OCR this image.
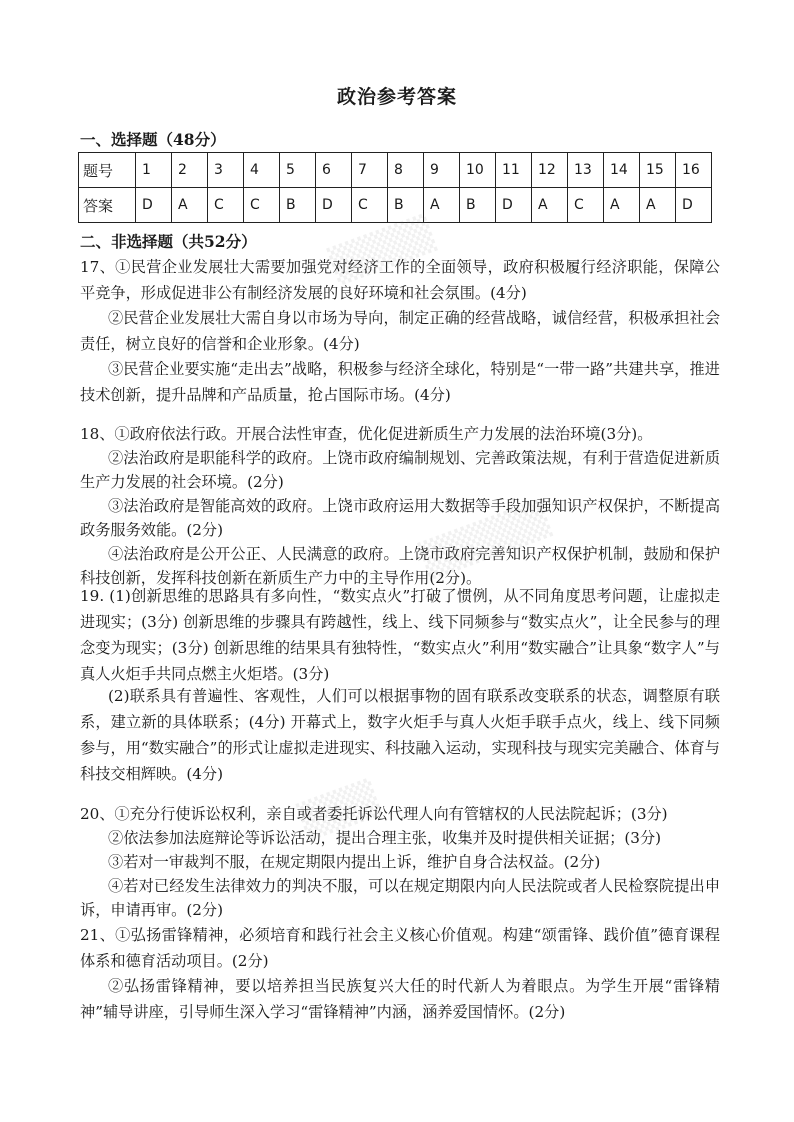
政治参考答案
一、选择题（48分）
题号	1	2	3	4	5	6	7	8	9	10	11	12	13	14	15	16
答案	D	A	C	C	B	D	C	B	A	B	D	A	C	A	A	D
二、非选择题（共52分）
17、①民营企业发展壮大需要加强党对经济工作的全面领导，政府积极履行经济职能，保障公平竞争，形成促进非公有制经济发展的良好环境和社会氛围。(4分)
②民营企业发展壮大需自身以市场为导向，制定正确的经营战略，诚信经营，积极承担社会责任，树立良好的信誉和企业形象。(4分)
③民营企业要实施“走出去”战略，积极参与经济全球化，特别是“一带一路”共建共享，推进技术创新，提升品牌和产品质量，抢占国际市场。(4分)
18、①政府依法行政。开展合法性审查，优化促进新质生产力发展的法治环境(3分)。
②法治政府是职能科学的政府。上饶市政府编制规划、完善政策法规，有利于营造促进新质生产力发展的社会环境。(2分)
③法治政府是智能高效的政府。上饶市政府运用大数据等手段加强知识产权保护，不断提高政务服务效能。(2分)
④法治政府是公开公正、人民满意的政府。上饶市政府完善知识产权保护机制，鼓励和保护科技创新，发挥科技创新在新质生产力中的主导作用(2分)。
19. (1)创新思维的思路具有多向性，“数实点火”打破了惯例，从不同角度思考问题，让虚拟走进现实；(3分) 创新思维的步骤具有跨越性，线上、线下同频参与“数实点火”，让全民参与的理念变为现实；(3分) 创新思维的结果具有独特性，“数实点火”利用“数实融合”让具象“数字人”与真人火炬手共同点燃主火炬塔。(3分)
(2)联系具有普遍性、客观性，人们可以根据事物的固有联系改变联系的状态，调整原有联系，建立新的具体联系；(4分) 开幕式上，数字火炬手与真人火炬手联手点火，线上、线下同频参与，用“数实融合”的形式让虚拟走进现实、科技融入运动，实现科技与现实完美融合、体育与科技交相辉映。(4分)
20、①充分行使诉讼权利，亲自或者委托诉讼代理人向有管辖权的人民法院起诉；(3分)
②依法参加法庭辩论等诉讼活动，提出合理主张，收集并及时提供相关证据；(3分)
③若对一审裁判不服，在规定期限内提出上诉，维护自身合法权益。(2分)
④若对已经发生法律效力的判决不服，可以在规定期限内向人民法院或者人民检察院提出申诉，申请再审。(2分)
21、①弘扬雷锋精神，必须培育和践行社会主义核心价值观。构建“颂雷锋、践价值”德育课程体系和德育活动项目。(2分)
②弘扬雷锋精神，要以培养担当民族复兴大任的时代新人为着眼点。为学生开展“雷锋精神”辅导讲座，引导师生深入学习“雷锋精神”内涵，涵养爱国情怀。(2分)
▒▒▒▒
▒▒▒▒▒
▒▒▒
